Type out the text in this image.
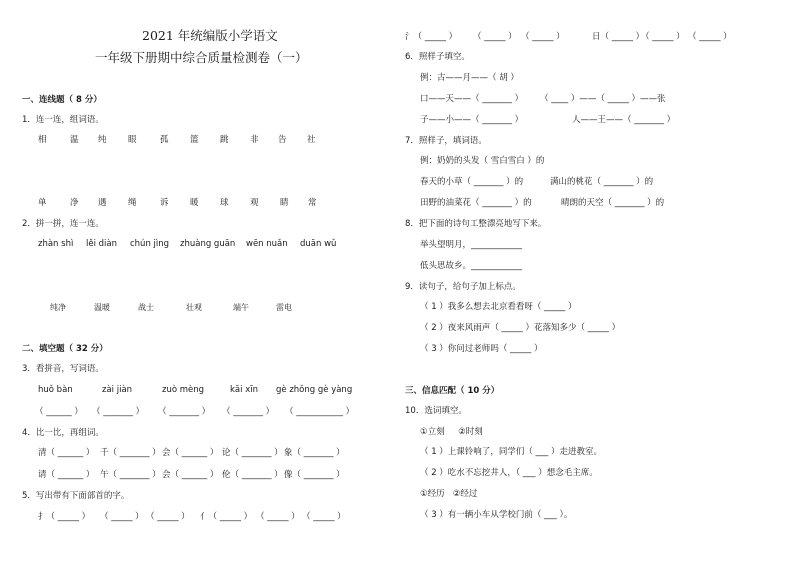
2021 年统编版小学语文
一年级下册期中综合质量检测卷（一）
一、连线题（ 8 分）
1．连一连，组词语。
相	温 纯	眼	孤	篮	跳	非 告 社
单	净 遇	绳	诉	暖	球	观	睛 常
2．拼一拼，连一连。
zhàn shì lěi diàn chún jìng zhuàng guān wēn nuǎn duān wǔ
纯净	温暖	战士	壮观	端午	雷电
二、填空题（ 32 分）
3．看拼音，写词语。
huǒ bàn	zài jiàn	zuò mèng	kāi xīn gè zhǒng gè yàng
（ ______ ） （ _______ ） （ _______ ） （ _______ ） （ ___________ ）
4．比一比，再组词。
清（ ______ ） 千（ _______ ） 会（ ______ ） 论（ _______ ） 象（ _______ ）
请（ ______ ） 午（ _______ ） 会（ ______ ） 伦（ _______ ） 像（ _______ ）
5．写出带有下面部首的字。
扌（ _____ ） （ _____ ） （ _____ ） 亻（ _____ ） （ _____ ） （ _____ ）
氵（ _____ ） （ _____ ） （ _____ ）	日（ _____ ）
（ _____ ） （ _____ ）
6．照样子填空。
例：古——月——（ 胡 ）
口——天——（ _______ ） （ ____ ）——（ _____ ）——张
子——小——（ _______ ）	人——王——（ _______ ）
7．照样子，填词语。
例：奶奶的头发（ 雪白雪白 ）的
春天的小草（ _______ ）的	满山的桃花（ _______ ）的
田野的油菜花（ _______ ）的	晴朗的天空（ _______ ）的
8．把下面的诗句工整漂亮地写下来。
举头望明月，____________
低头思故乡。____________
9．读句子，给句子加上标点。
（ 1 ）我多么想去北京看看呀（ _____ ）
（ 2 ）夜来风雨声（ _____ ）花落知多少（ _____ ）
（ 3 ）你问过老师吗（ _____ ）
三、信息匹配（ 10 分）
10．选词填空。
①立刻     ②时刻
（ 1 ）上课铃响了，同学们（ ___ ）走进教室。
（ 2 ）吃水不忘挖井人，（ ___ ）想念毛主席。
①经历   ②经过
（ 3 ）有一辆小车从学校门前（ ___ ）。
